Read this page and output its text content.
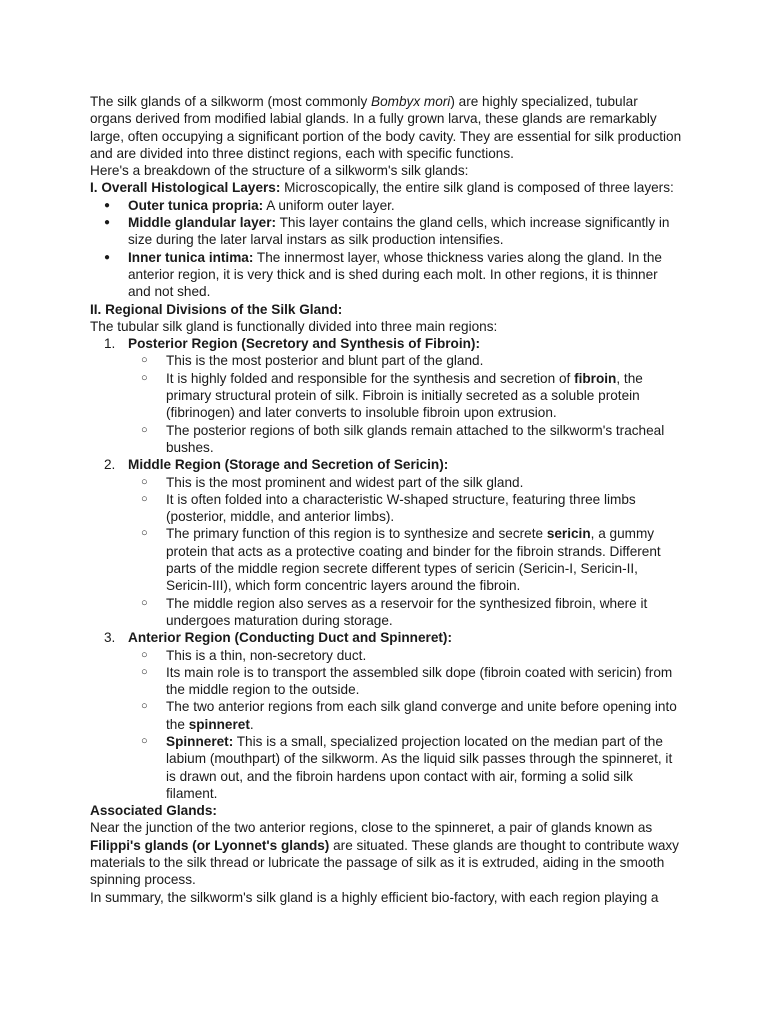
The silk glands of a silkworm (most commonly Bombyx mori) are highly specialized, tubular organs derived from modified labial glands. In a fully grown larva, these glands are remarkably large, often occupying a significant portion of the body cavity. They are essential for silk production and are divided into three distinct regions, each with specific functions.

Here's a breakdown of the structure of a silkworm's silk glands:

I. Overall Histological Layers: Microscopically, the entire silk gland is composed of three layers:

● Outer tunica propria: A uniform outer layer.
● Middle glandular layer: This layer contains the gland cells, which increase significantly in size during the later larval instars as silk production intensifies.
● Inner tunica intima: The innermost layer, whose thickness varies along the gland. In the anterior region, it is very thick and is shed during each molt. In other regions, it is thinner and not shed.

II. Regional Divisions of the Silk Gland:

The tubular silk gland is functionally divided into three main regions:

1. Posterior Region (Secretory and Synthesis of Fibroin):
○ This is the most posterior and blunt part of the gland.
○ It is highly folded and responsible for the synthesis and secretion of fibroin, the primary structural protein of silk. Fibroin is initially secreted as a soluble protein (fibrinogen) and later converts to insoluble fibroin upon extrusion.
○ The posterior regions of both silk glands remain attached to the silkworm's tracheal bushes.
2. Middle Region (Storage and Secretion of Sericin):
○ This is the most prominent and widest part of the silk gland.
○ It is often folded into a characteristic W-shaped structure, featuring three limbs (posterior, middle, and anterior limbs).
○ The primary function of this region is to synthesize and secrete sericin, a gummy protein that acts as a protective coating and binder for the fibroin strands. Different parts of the middle region secrete different types of sericin (Sericin-I, Sericin-II, Sericin-III), which form concentric layers around the fibroin.
○ The middle region also serves as a reservoir for the synthesized fibroin, where it undergoes maturation during storage.
3. Anterior Region (Conducting Duct and Spinneret):
○ This is a thin, non-secretory duct.
○ Its main role is to transport the assembled silk dope (fibroin coated with sericin) from the middle region to the outside.
○ The two anterior regions from each silk gland converge and unite before opening into the spinneret.
○ Spinneret: This is a small, specialized projection located on the median part of the labium (mouthpart) of the silkworm. As the liquid silk passes through the spinneret, it is drawn out, and the fibroin hardens upon contact with air, forming a solid silk filament.

Associated Glands:

Near the junction of the two anterior regions, close to the spinneret, a pair of glands known as Filippi's glands (or Lyonnet's glands) are situated. These glands are thought to contribute waxy materials to the silk thread or lubricate the passage of silk as it is extruded, aiding in the smooth spinning process.

In summary, the silkworm's silk gland is a highly efficient bio-factory, with each region playing a
